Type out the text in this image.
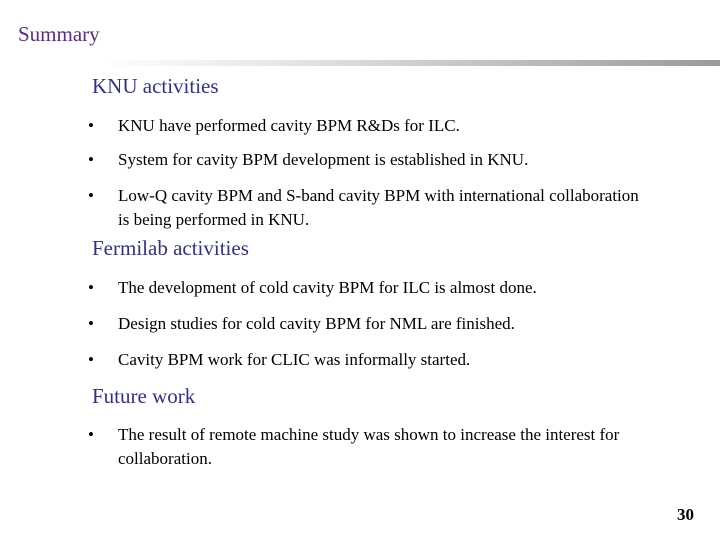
Summary
KNU activities
•	KNU have performed cavity BPM R&Ds for ILC.
•	System for cavity BPM development is established in KNU.
•	Low-Q cavity BPM and S-band cavity BPM with international collaboration is being performed in KNU.
Fermilab activities
•	The development of cold cavity BPM for ILC is almost done.
•	Design studies for cold cavity BPM for NML are finished.
•	Cavity BPM work for CLIC was informally started.
Future work
•	The result of remote machine study was shown to increase the interest for collaboration.
30
